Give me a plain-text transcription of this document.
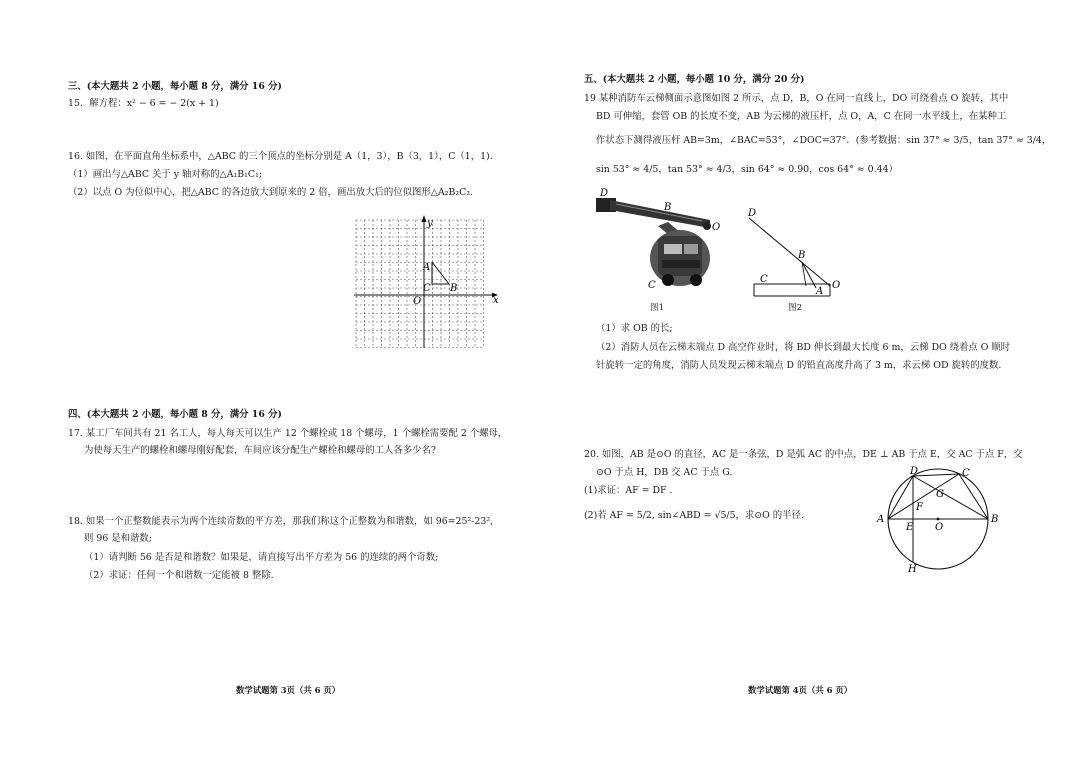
三、(本大题共 2 小题，每小题 8 分，满分 16 分)
15．解方程：x² − 6 = − 2(x + 1)
16. 如图，在平面直角坐标系中，△ABC 的三个顶点的坐标分别是 A（1，3），B（3，1），C（1，1).
（1）画出与△ABC 关于 y 轴对称的△A₁B₁C₁;
（2）以点 O 为位似中心，把△ABC 的各边放大到原来的 2 倍，画出放大后的位似图形△A₂B₂C₂.
y
x
A
C B
O
四、(本大题共 2 小题，每小题 8 分，满分 16 分)
17. 某工厂车间共有 21 名工人，每人每天可以生产 12 个螺栓或 18 个螺母，1 个螺栓需要配 2 个螺母，
为使每天生产的螺栓和螺母刚好配套，车间应该分配生产螺栓和螺母的工人各多少名?
18. 如果一个正整数能表示为两个连续奇数的平方差，那我们称这个正整数为和谐数，如 96=25²-23²,
则 96 是和谐数;
（1）请判断 56 是否是和谐数？如果是，请直接写出平方差为 56 的连续的两个奇数;
（2）求证：任何一个和谐数一定能被 8 整除.
数学试题第 3页（共 6 页）
五、(本大题共 2 小题，每小题 10 分，满分 20 分)
19 某种消防车云梯侧面示意图如图 2 所示，点 D，B，O 在同一直线上，DO 可绕着点 O 旋转，其中
BD 可伸缩，套管 OB 的长度不变，AB 为云梯的液压杆，点 O，A，C 在同一水平线上，在某种工
作状态下测得液压杆 AB=3m，∠BAC=53°，∠DOC=37°．(参考数据：sin 37° ≈ 3/5，tan 37° ≈ 3/4，
sin 53° ≈ 4/5，tan 53° ≈ 4/3，sin 64° ≈ 0.90，cos 64° ≈ 0.44）
D
B
O
C
图1
D
B
C
A
O
图2
（1）求 OB 的长;
（2）消防人员在云梯末端点 D 高空作业时，将 BD 伸长到最大长度 6 m，云梯 DO 绕着点 O 顺时
针旋转一定的角度，消防人员发现云梯末端点 D 的铅直高度升高了 3 m，求云梯 OD 旋转的度数.
20. 如图，AB 是⊙O 的直径，AC 是一条弦，D 是弧 AC 的中点，DE ⊥ AB 于点 E，交 AC 于点 F，交
⊙O 于点 H，DB 交 AC 于点 G.
(1)求证：AF = DF .
(2)若 AF = 5/2, sin∠ABD = √5/5，求⊙O 的半径.
D	C
G
F
A
E O
B
H
数学试题第 4页（共 6 页）
